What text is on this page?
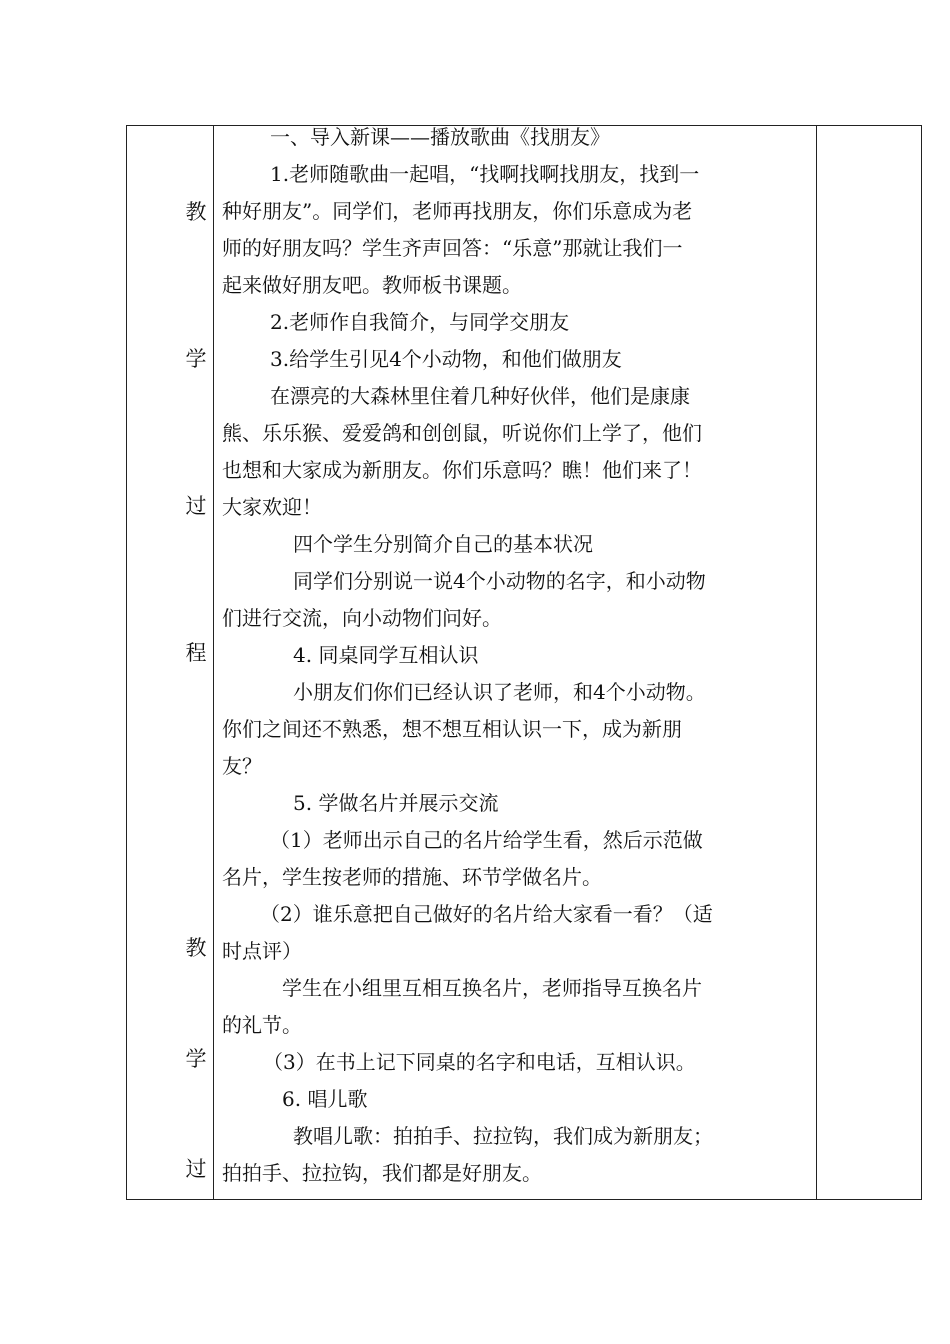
教
学
过
程
教
学
过
一、导入新课——播放歌曲《找朋友》
1.老师随歌曲一起唱，“找啊找啊找朋友，找到一
种好朋友”。同学们，老师再找朋友，你们乐意成为老
师的好朋友吗？学生齐声回答：“乐意”那就让我们一
起来做好朋友吧。教师板书课题。
2.老师作自我简介，与同学交朋友
3.给学生引见4个小动物，和他们做朋友
在漂亮的大森林里住着几种好伙伴，他们是康康
熊、乐乐猴、爱爱鸽和创创鼠，听说你们上学了，他们
也想和大家成为新朋友。你们乐意吗？瞧！他们来了！
大家欢迎！
四个学生分别简介自己的基本状况
同学们分别说一说4个小动物的名字，和小动物
们进行交流，向小动物们问好。
4. 同桌同学互相认识
小朋友们你们已经认识了老师，和4个小动物。
你们之间还不熟悉，想不想互相认识一下，成为新朋
友？
5. 学做名片并展示交流
（1）老师出示自己的名片给学生看，然后示范做
名片，学生按老师的措施、环节学做名片。
（2）谁乐意把自己做好的名片给大家看一看？（适
时点评）
学生在小组里互相互换名片，老师指导互换名片
的礼节。
（3）在书上记下同桌的名字和电话，互相认识。
6. 唱儿歌
教唱儿歌：拍拍手、拉拉钩，我们成为新朋友；
拍拍手、拉拉钩，我们都是好朋友。
